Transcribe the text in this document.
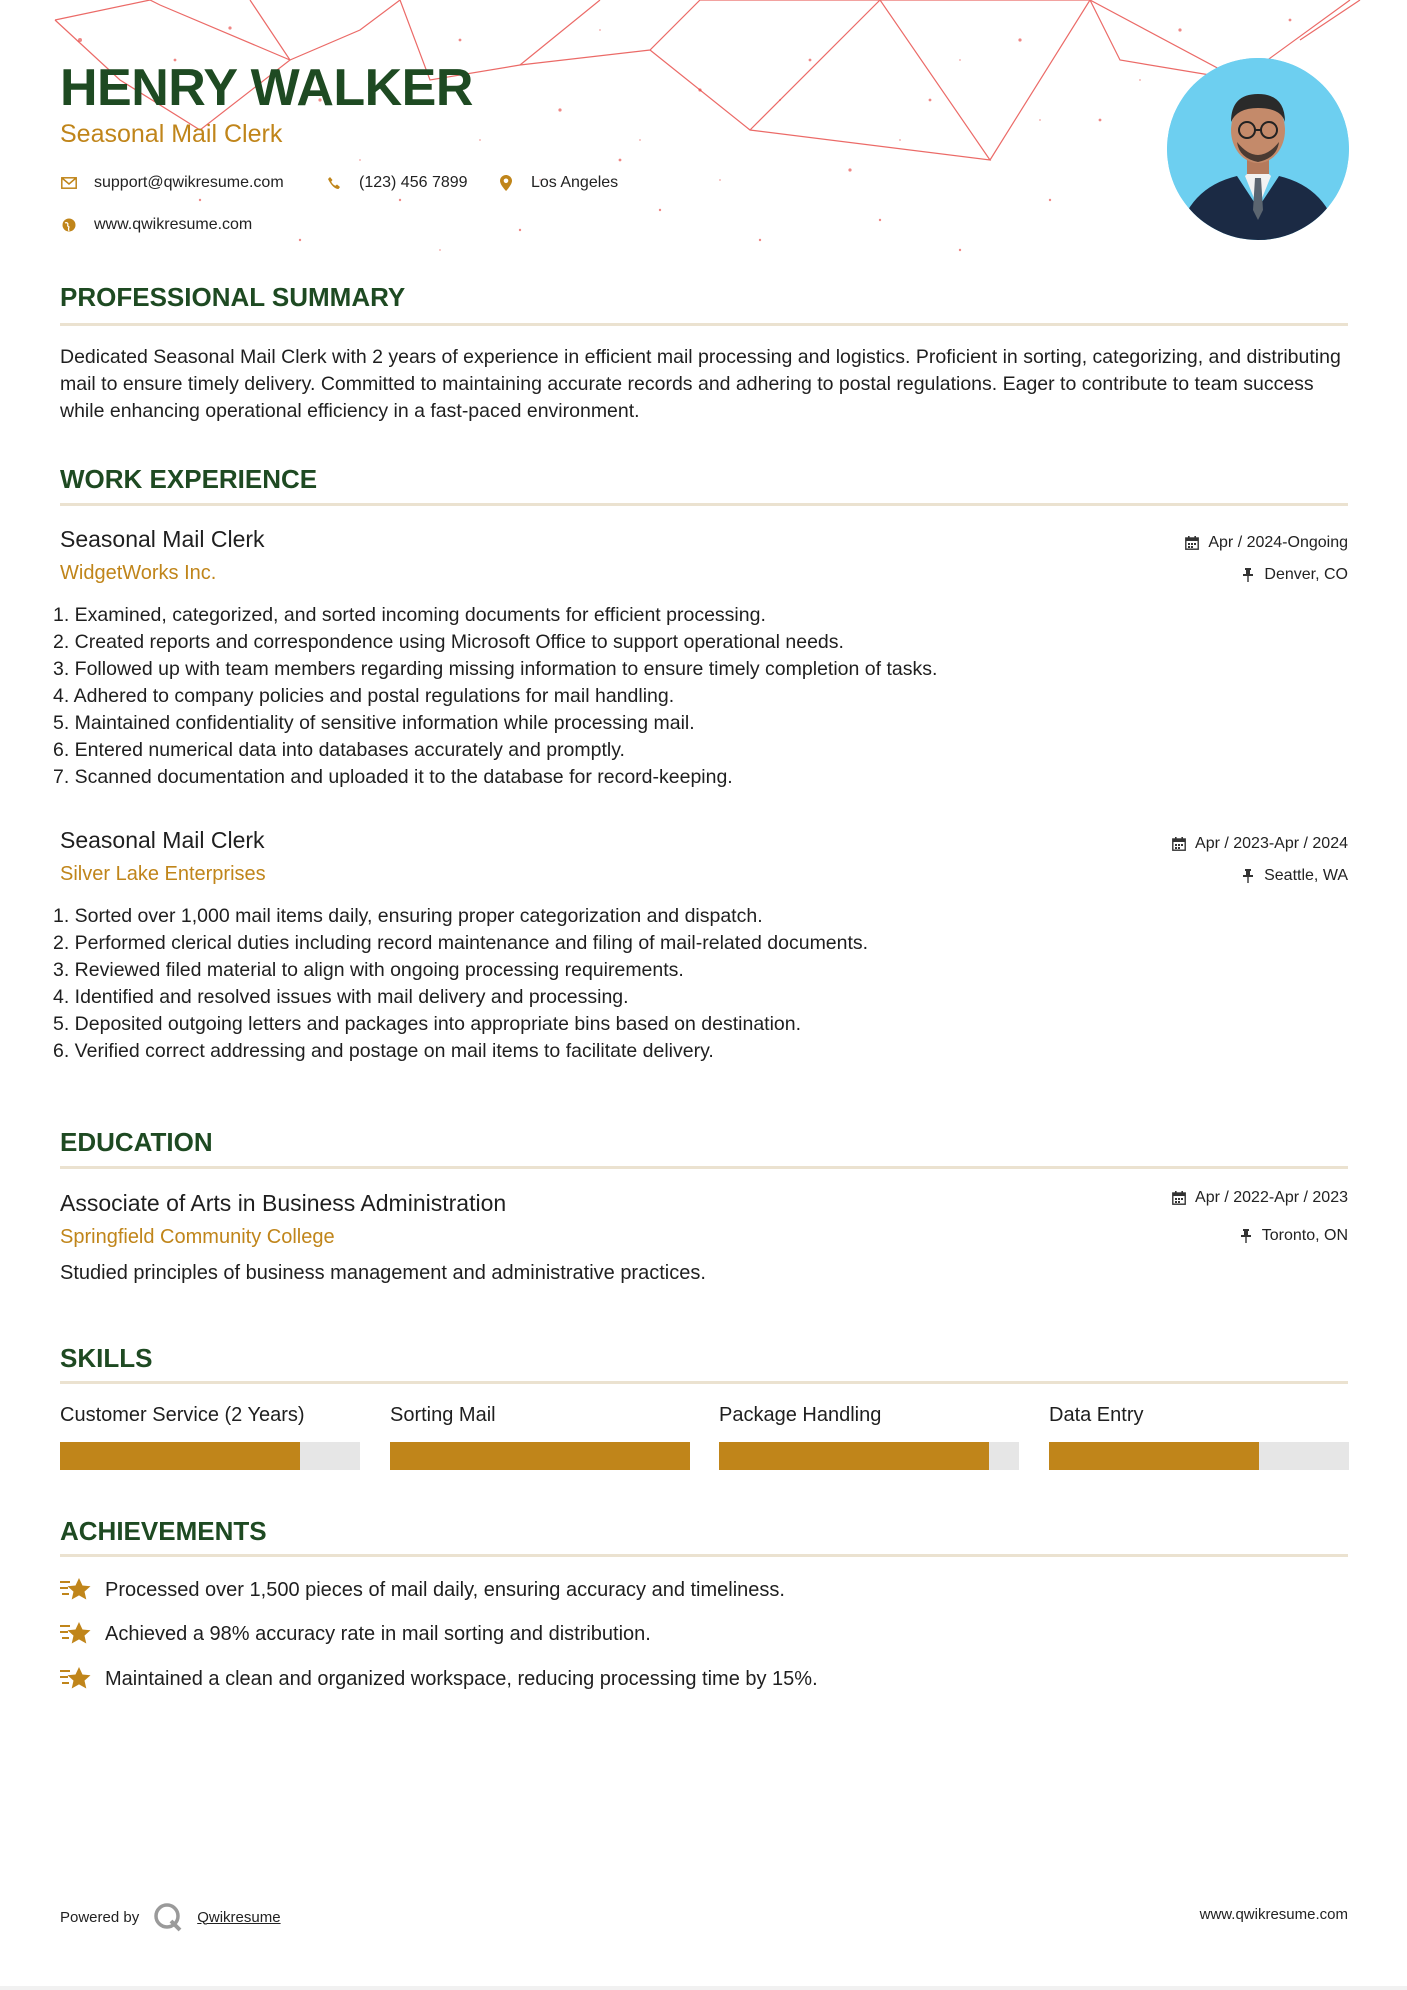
HENRY WALKER
Seasonal Mail Clerk
support@qwikresume.com	(123) 456 7899	Los Angeles
www.qwikresume.com
PROFESSIONAL SUMMARY

Dedicated Seasonal Mail Clerk with 2 years of experience in efficient mail processing and logistics. Proficient in sorting, categorizing, and distributing mail to ensure timely delivery. Committed to maintaining accurate records and adhering to postal regulations. Eager to contribute to team success while enhancing operational efficiency in a fast-paced environment.

WORK EXPERIENCE
Seasonal Mail Clerk
WidgetWorks Inc.
Apr / 2024-Ongoing
Denver, CO
1. Examined, categorized, and sorted incoming documents for efficient processing.
2. Created reports and correspondence using Microsoft Office to support operational needs.
3. Followed up with team members regarding missing information to ensure timely completion of tasks.
4. Adhered to company policies and postal regulations for mail handling.
5. Maintained confidentiality of sensitive information while processing mail.
6. Entered numerical data into databases accurately and promptly.
7. Scanned documentation and uploaded it to the database for record-keeping.
Seasonal Mail Clerk
Silver Lake Enterprises
Apr / 2023-Apr / 2024
Seattle, WA
1. Sorted over 1,000 mail items daily, ensuring proper categorization and dispatch.
2. Performed clerical duties including record maintenance and filing of mail-related documents.
3. Reviewed filed material to align with ongoing processing requirements.
4. Identified and resolved issues with mail delivery and processing.
5. Deposited outgoing letters and packages into appropriate bins based on destination.
6. Verified correct addressing and postage on mail items to facilitate delivery.
EDUCATION
Associate of Arts in Business Administration
Springfield Community College
Apr / 2022-Apr / 2023
Toronto, ON
Studied principles of business management and administrative practices.
SKILLS
Customer Service (2 Years)	Sorting Mail	Package Handling	Data Entry
ACHIEVEMENTS
Processed over 1,500 pieces of mail daily, ensuring accuracy and timeliness.
Achieved a 98% accuracy rate in mail sorting and distribution.
Maintained a clean and organized workspace, reducing processing time by 15%.
Powered by	Qwikresume	www.qwikresume.com
